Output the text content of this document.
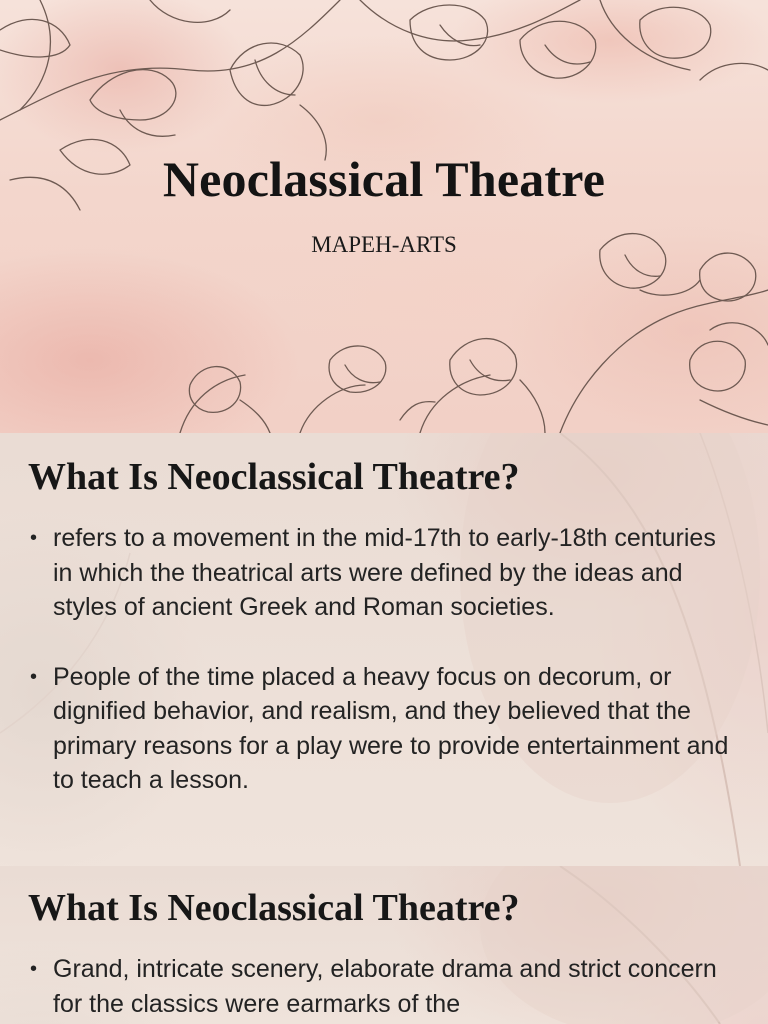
Neoclassical Theatre
MAPEH-ARTS
What Is Neoclassical Theatre?
• refers to a movement in the mid-17th to early-18th centuries in which the theatrical arts were defined by the ideas and styles of ancient Greek and Roman societies.
• People of the time placed a heavy focus on decorum, or dignified behavior, and realism, and they believed that the primary reasons for a play were to provide entertainment and to teach a lesson.
What Is Neoclassical Theatre?
• Grand, intricate scenery, elaborate drama and strict concern for the classics were earmarks of the
